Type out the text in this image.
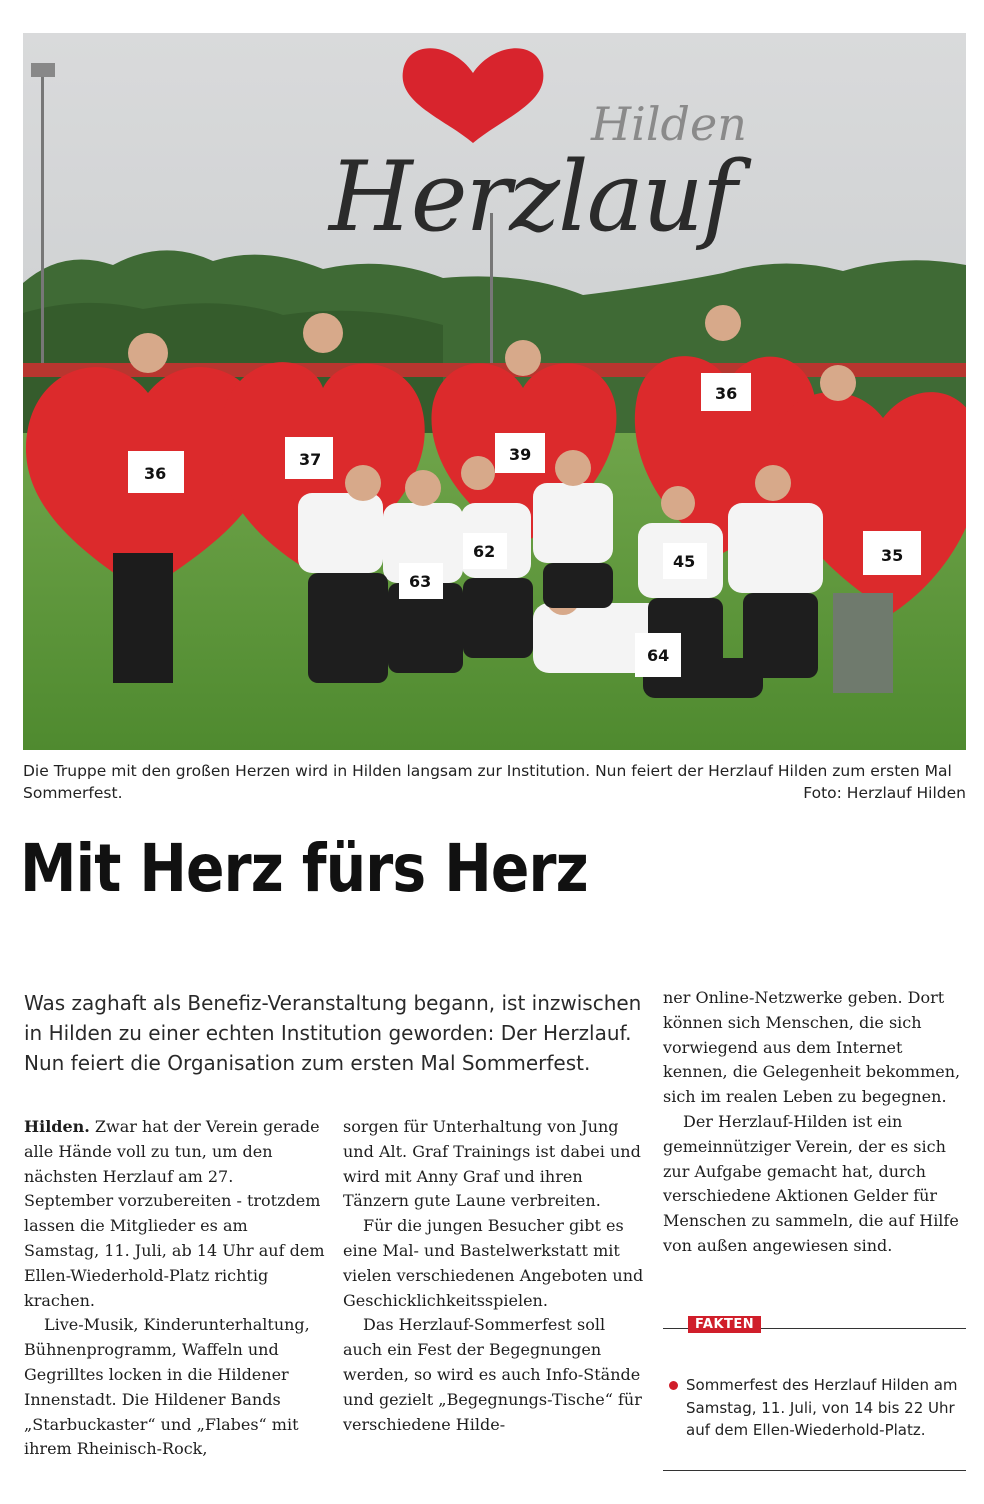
36
37	39
36
35
62
63
45
64
Hilden
Herzlauf
Die Truppe mit den großen Herzen wird in Hilden langsam zur Institution. Nun feiert der Herzlauf Hilden zum ersten Mal Sommerfest.	Foto: Herzlauf Hilden
Mit Herz fürs Herz

Was zaghaft als Benefiz-Veranstaltung begann, ist inzwischen in Hilden zu einer echten Institution geworden: Der Herzlauf. Nun feiert die Organisation zum ersten Mal Sommerfest.

Hilden. Zwar hat der Verein gerade alle Hände voll zu tun, um den nächsten Herzlauf am 27. September vorzubereiten - trotzdem lassen die Mitglieder es am Samstag, 11. Juli, ab 14 Uhr auf dem Ellen-Wiederhold-Platz richtig krachen.

Live-Musik, Kinderunterhaltung, Bühnenprogramm, Waffeln und Gegrilltes locken in die Hildener Innenstadt. Die Hildener Bands „Starbuckaster“ und „Flabes“ mit ihrem Rheinisch-Rock,

sorgen für Unterhaltung von Jung und Alt. Graf Trainings ist dabei und wird mit Anny Graf und ihren Tänzern gute Laune verbreiten.

Für die jungen Besucher gibt es eine Mal- und Bastelwerkstatt mit vielen verschiedenen Angeboten und Geschicklichkeitsspielen.

Das Herzlauf-Sommerfest soll auch ein Fest der Begegnungen werden, so wird es auch Info-Stände und gezielt „Begegnungs-Tische“ für verschiedene Hilde-

ner Online-Netzwerke geben. Dort können sich Menschen, die sich vorwiegend aus dem Internet kennen, die Gelegenheit bekommen, sich im realen Leben zu begegnen.

Der Herzlauf-Hilden ist ein gemeinnütziger Verein, der es sich zur Aufgabe gemacht hat, durch verschiedene Aktionen Gelder für Menschen zu sammeln, die auf Hilfe von außen angewiesen sind.

FAKTEN
Sommerfest des Herzlauf Hilden am Samstag, 11. Juli, von 14 bis 22 Uhr auf dem Ellen-Wiederhold-Platz.
